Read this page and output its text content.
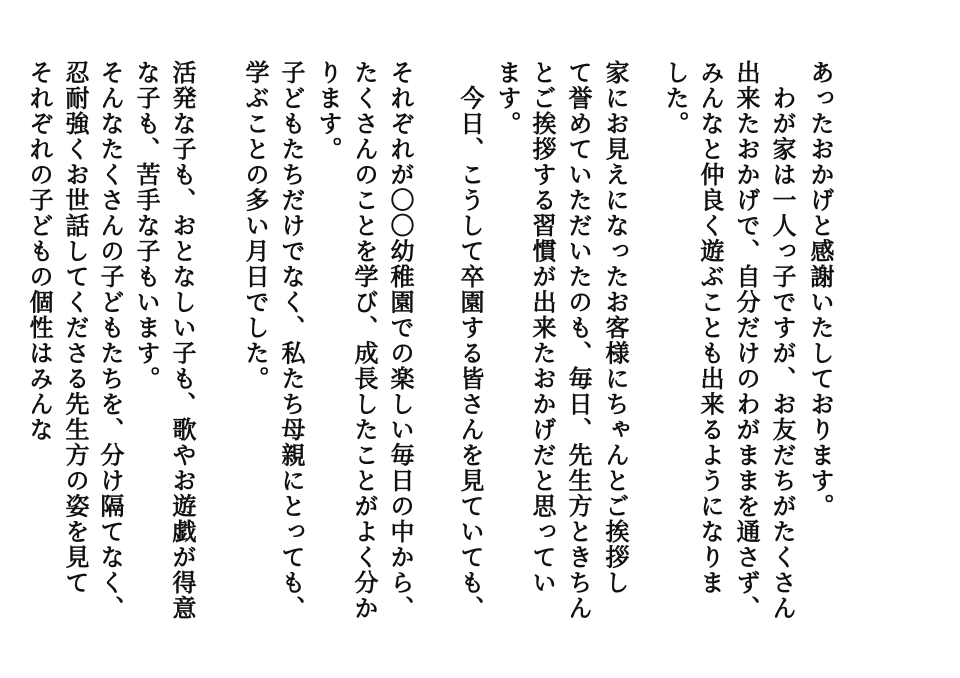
あったおかげと感謝いたしております。
　わが家は一人っ子ですが、お友だちがたくさん
出来たおかげで、自分だけのわがままを通さず、
みんなと仲良く遊ぶことも出来るようになりま
した。
家にお見えになったお客様にちゃんとご挨拶し
て誉めていただいたのも、毎日、先生方ときちん
とご挨拶する習慣が出来たおかげだと思ってい
ます。
　今日、こうして卒園する皆さんを見ていても、
それぞれが〇〇幼稚園での楽しい毎日の中から、
たくさんのことを学び、成長したことがよく分か
ります。
子どもたちだけでなく、私たち母親にとっても、
学ぶことの多い月日でした。
活発な子も、おとなしい子も、歌やお遊戯が得意
な子も、苦手な子もいます。
そんなたくさんの子どもたちを、分け隔てなく、
忍耐強くお世話してくださる先生方の姿を見て
それぞれの子どもの個性はみんな
